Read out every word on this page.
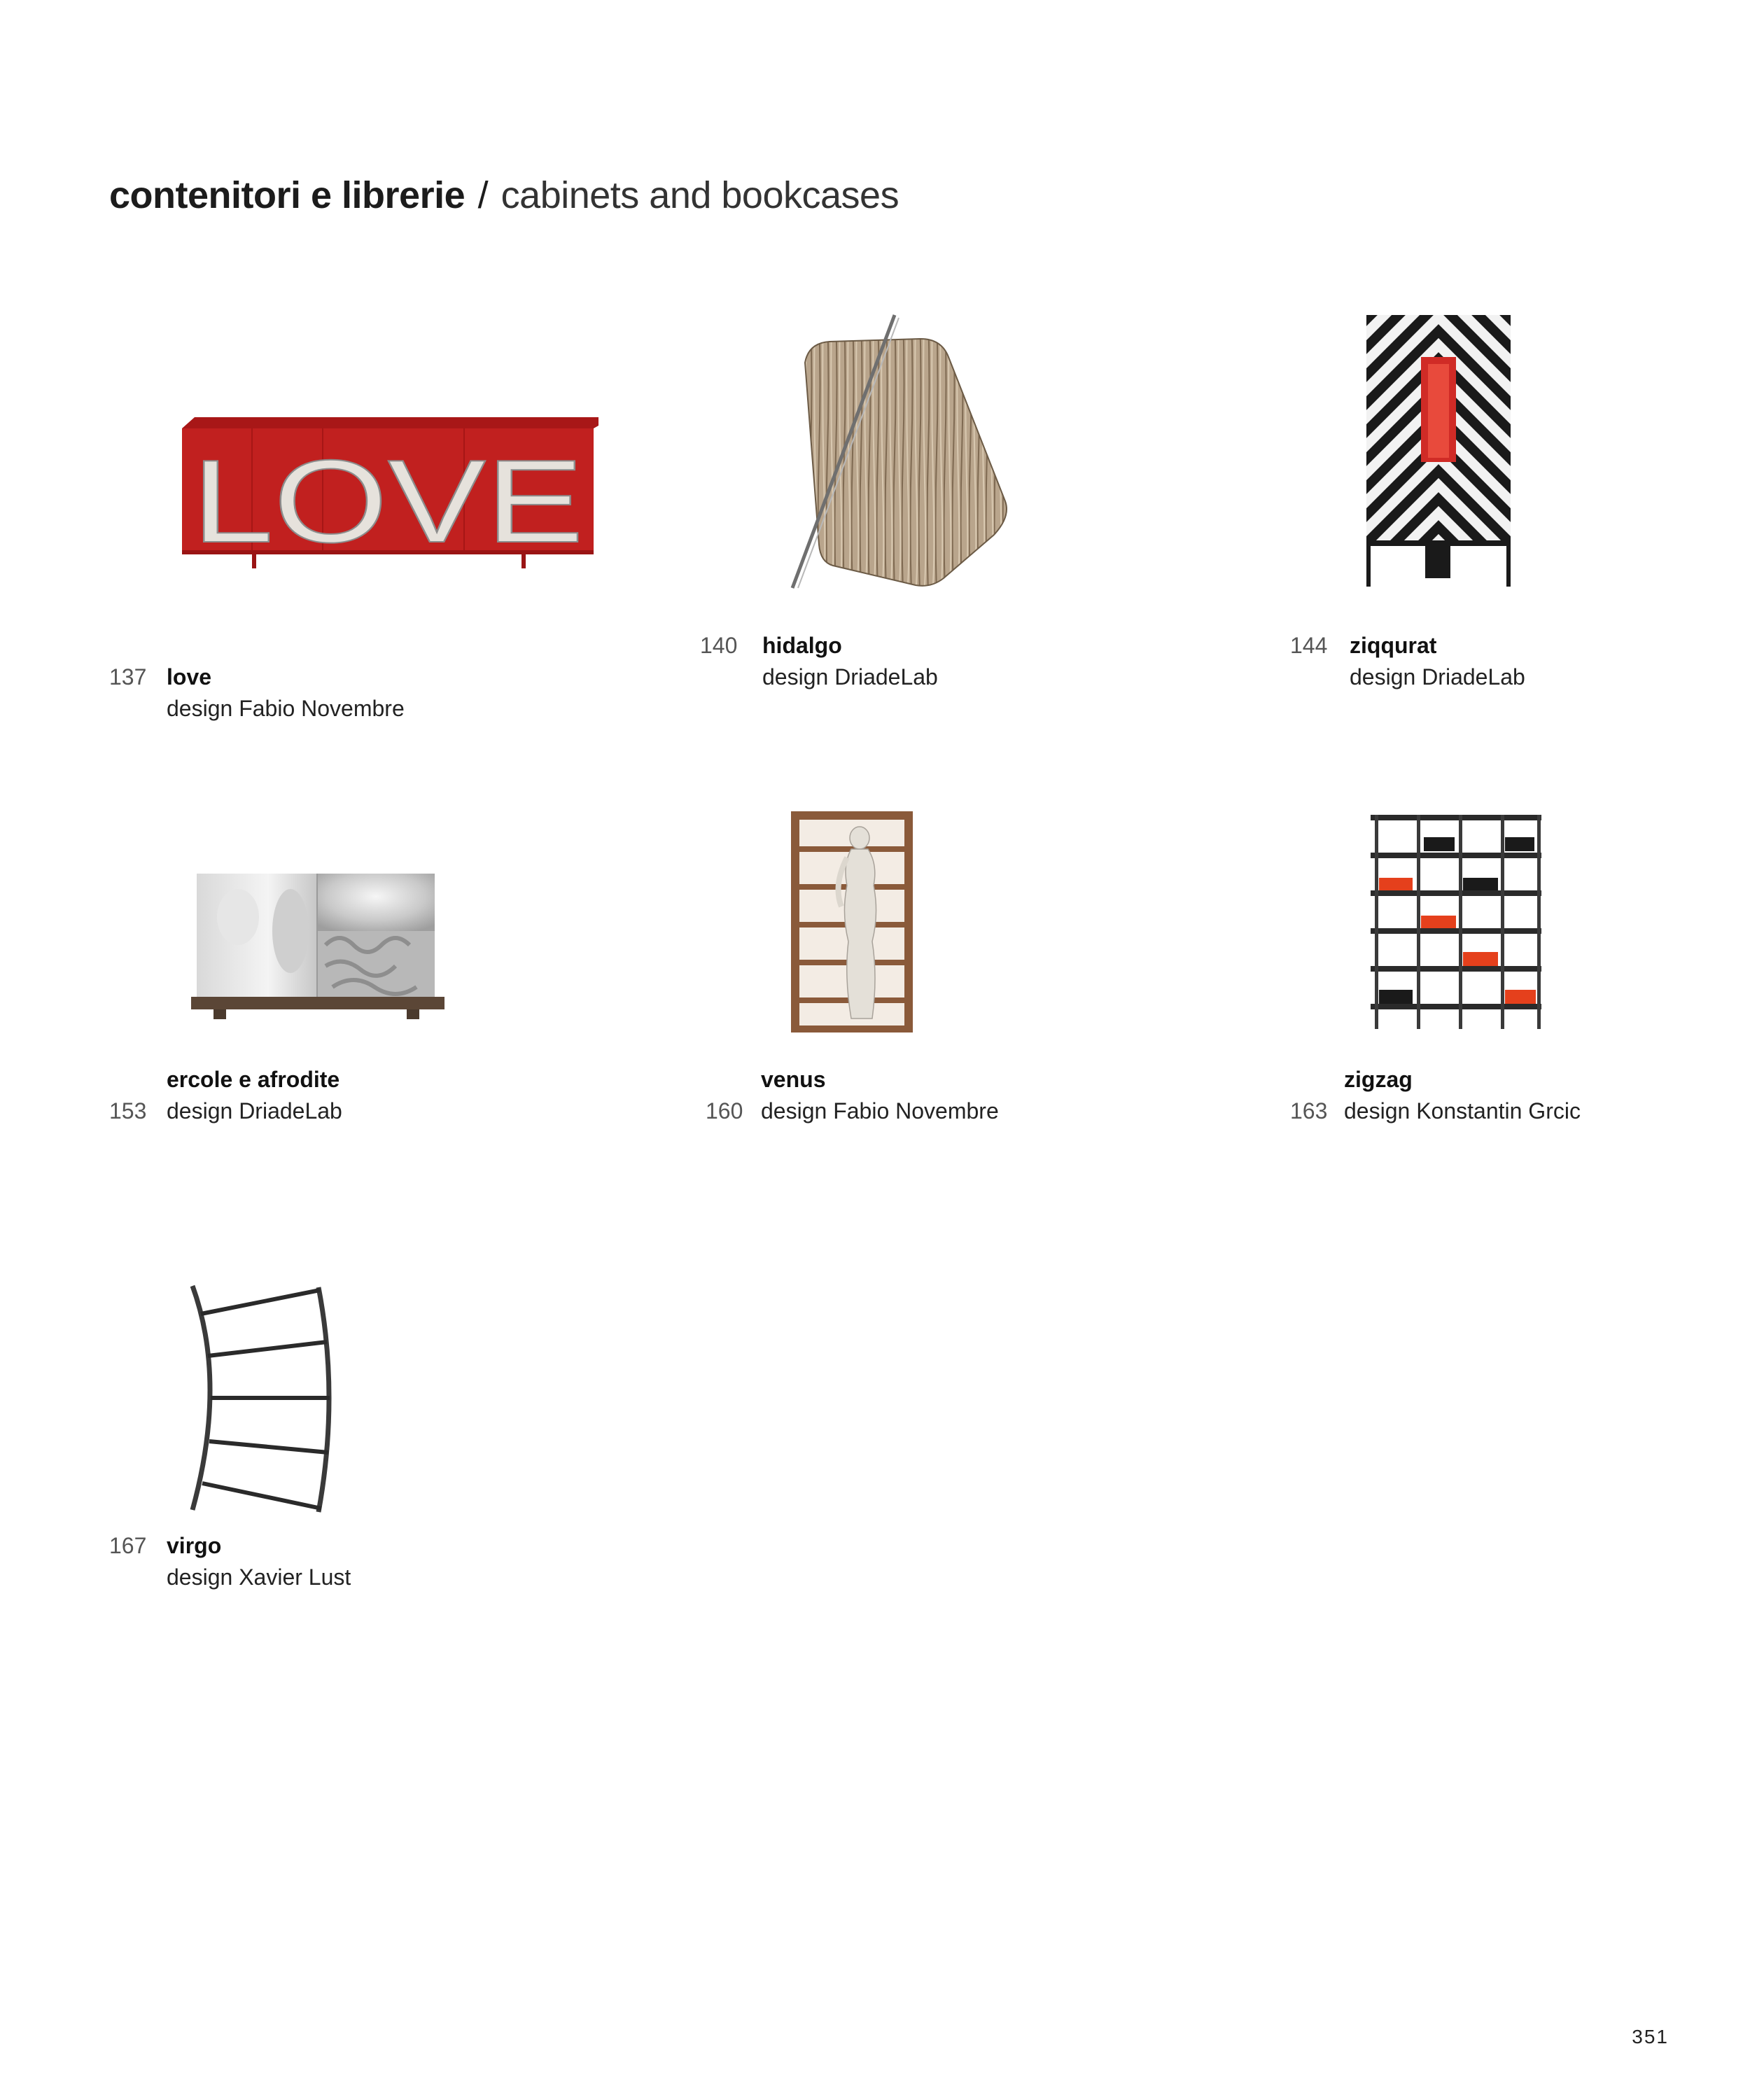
contenitori e librerie / cabinets and bookcases
LOVE
137 love
design Fabio Novembre
140 hidalgo
design DriadeLab
144 ziqqurat
design DriadeLab
ercole e afrodite
153 design DriadeLab
venus
160 design Fabio Novembre
zigzag
163 design Konstantin Grcic
167 virgo
design Xavier Lust
351
